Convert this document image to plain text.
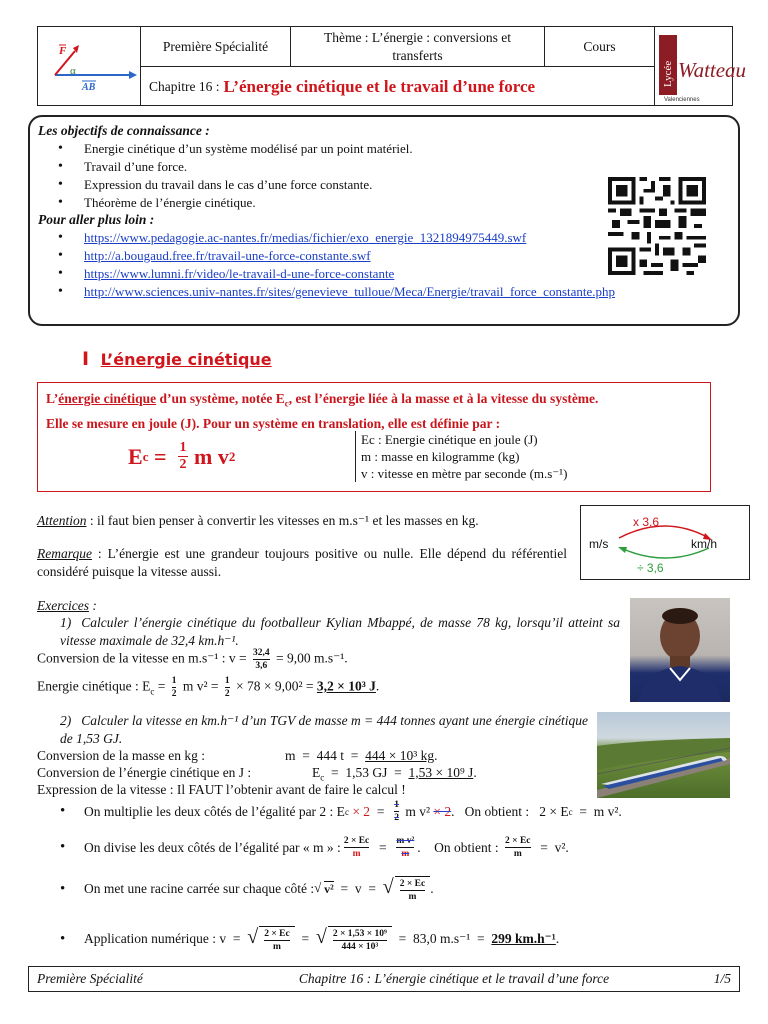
F
α
AB
Première Spécialité
Thème : L’énergie : conversions et transferts
Cours
Chapitre 16 : L’énergie cinétique et le travail d’une force	Lycée Watteau
Valenciennes
Les objectifs de connaissance :
• Energie cinétique d’un système modélisé par un point matériel.
• Travail d’une force.
• Expression du travail dans le cas d’une force constante.
• Théorème de l’énergie cinétique.
Pour aller plus loin :
• https://www.pedagogie.ac-nantes.fr/medias/fichier/exo_energie_1321894975449.swf
• http://a.bougaud.free.fr/travail-une-force-constante.swf
• https://www.lumni.fr/video/le-travail-d-une-force-constante
• http://www.sciences.univ-nantes.fr/sites/genevieve_tulloue/Meca/Energie/travail_force_constante.php
I L’énergie cinétique
L’énergie cinétique d’un système, notée $E_c$, est l’énergie liée à la masse et à la vitesse du système.
Elle se mesure en joule (J). Pour un système en translation, elle est définie par :
E $c = \frac{1}{2}$ m v 2
Ec : Energie cinétique en joule (J)
m : masse en kilogramme (kg)
v : vitesse en mètre par seconde (m.s⁻¹)
Attention : il faut bien penser à convertir les vitesses en m.s⁻¹ et les masses en kg.
Remarque : L’énergie est une grandeur toujours positive ou nulle. Elle dépend du référentiel considéré puisque la vitesse aussi.
x 3,6
m/s	km/h
÷ 3,6
Exercices :
1) Calculer l’énergie cinétique du footballeur Kylian Mbappé, de masse 78 kg, lorsqu’il atteint sa vitesse maximale de 32,4 km.h⁻¹.
Conversion de la vitesse en m.s⁻¹ : $v = \frac{32,4}{3,6} = 9,00$ m.s⁻¹.
Energie cinétique : $E_c = \frac{1}{2}$ m $v^2 = \frac{1}{2} \times 78 \times 9,00^2 = 3,2 \times 10^3$ J.
2) Calculer la vitesse en km.h⁻¹ d’un TGV de masse m = 444 tonnes ayant une énergie cinétique de 1,53 GJ.
Conversion de la masse en kg :	m  =  444 t  =  444 × 10³ kg.
Conversion de l’énergie cinétique en J :	$E_c = 1,53$ GJ  =  1,53 × 10⁹ J.
Expression de la vitesse : Il FAUT l’obtenir avant de faire le calcul !
•	On multiplie les deux côtés de l’égalité par 2 : E c × 2 = 1
2 m v² × 2 .   On obtient :   2 × E c =  m v².
•	On divise les deux côtés de l’égalité par « m » : 2 × Ec
m = m v²
m .    On obtient : 2 × Ec
m =  v².
•	On met une racine carrée sur chaque côté : √ v² =  v  = √ $\frac{2 \times Ec}{m}$ .
•	Application numérique : v  = √ $\frac{2 \times Ec}{m}$ = √ $\frac{\text{2 × 1,53 × 10⁹}}{\text{444 × 10³}} = 83,0$ m.s⁻¹  = 299 km.h⁻¹ .
Première Spécialité	Chapitre 16 : L’énergie cinétique et le travail d’une force	1/5
